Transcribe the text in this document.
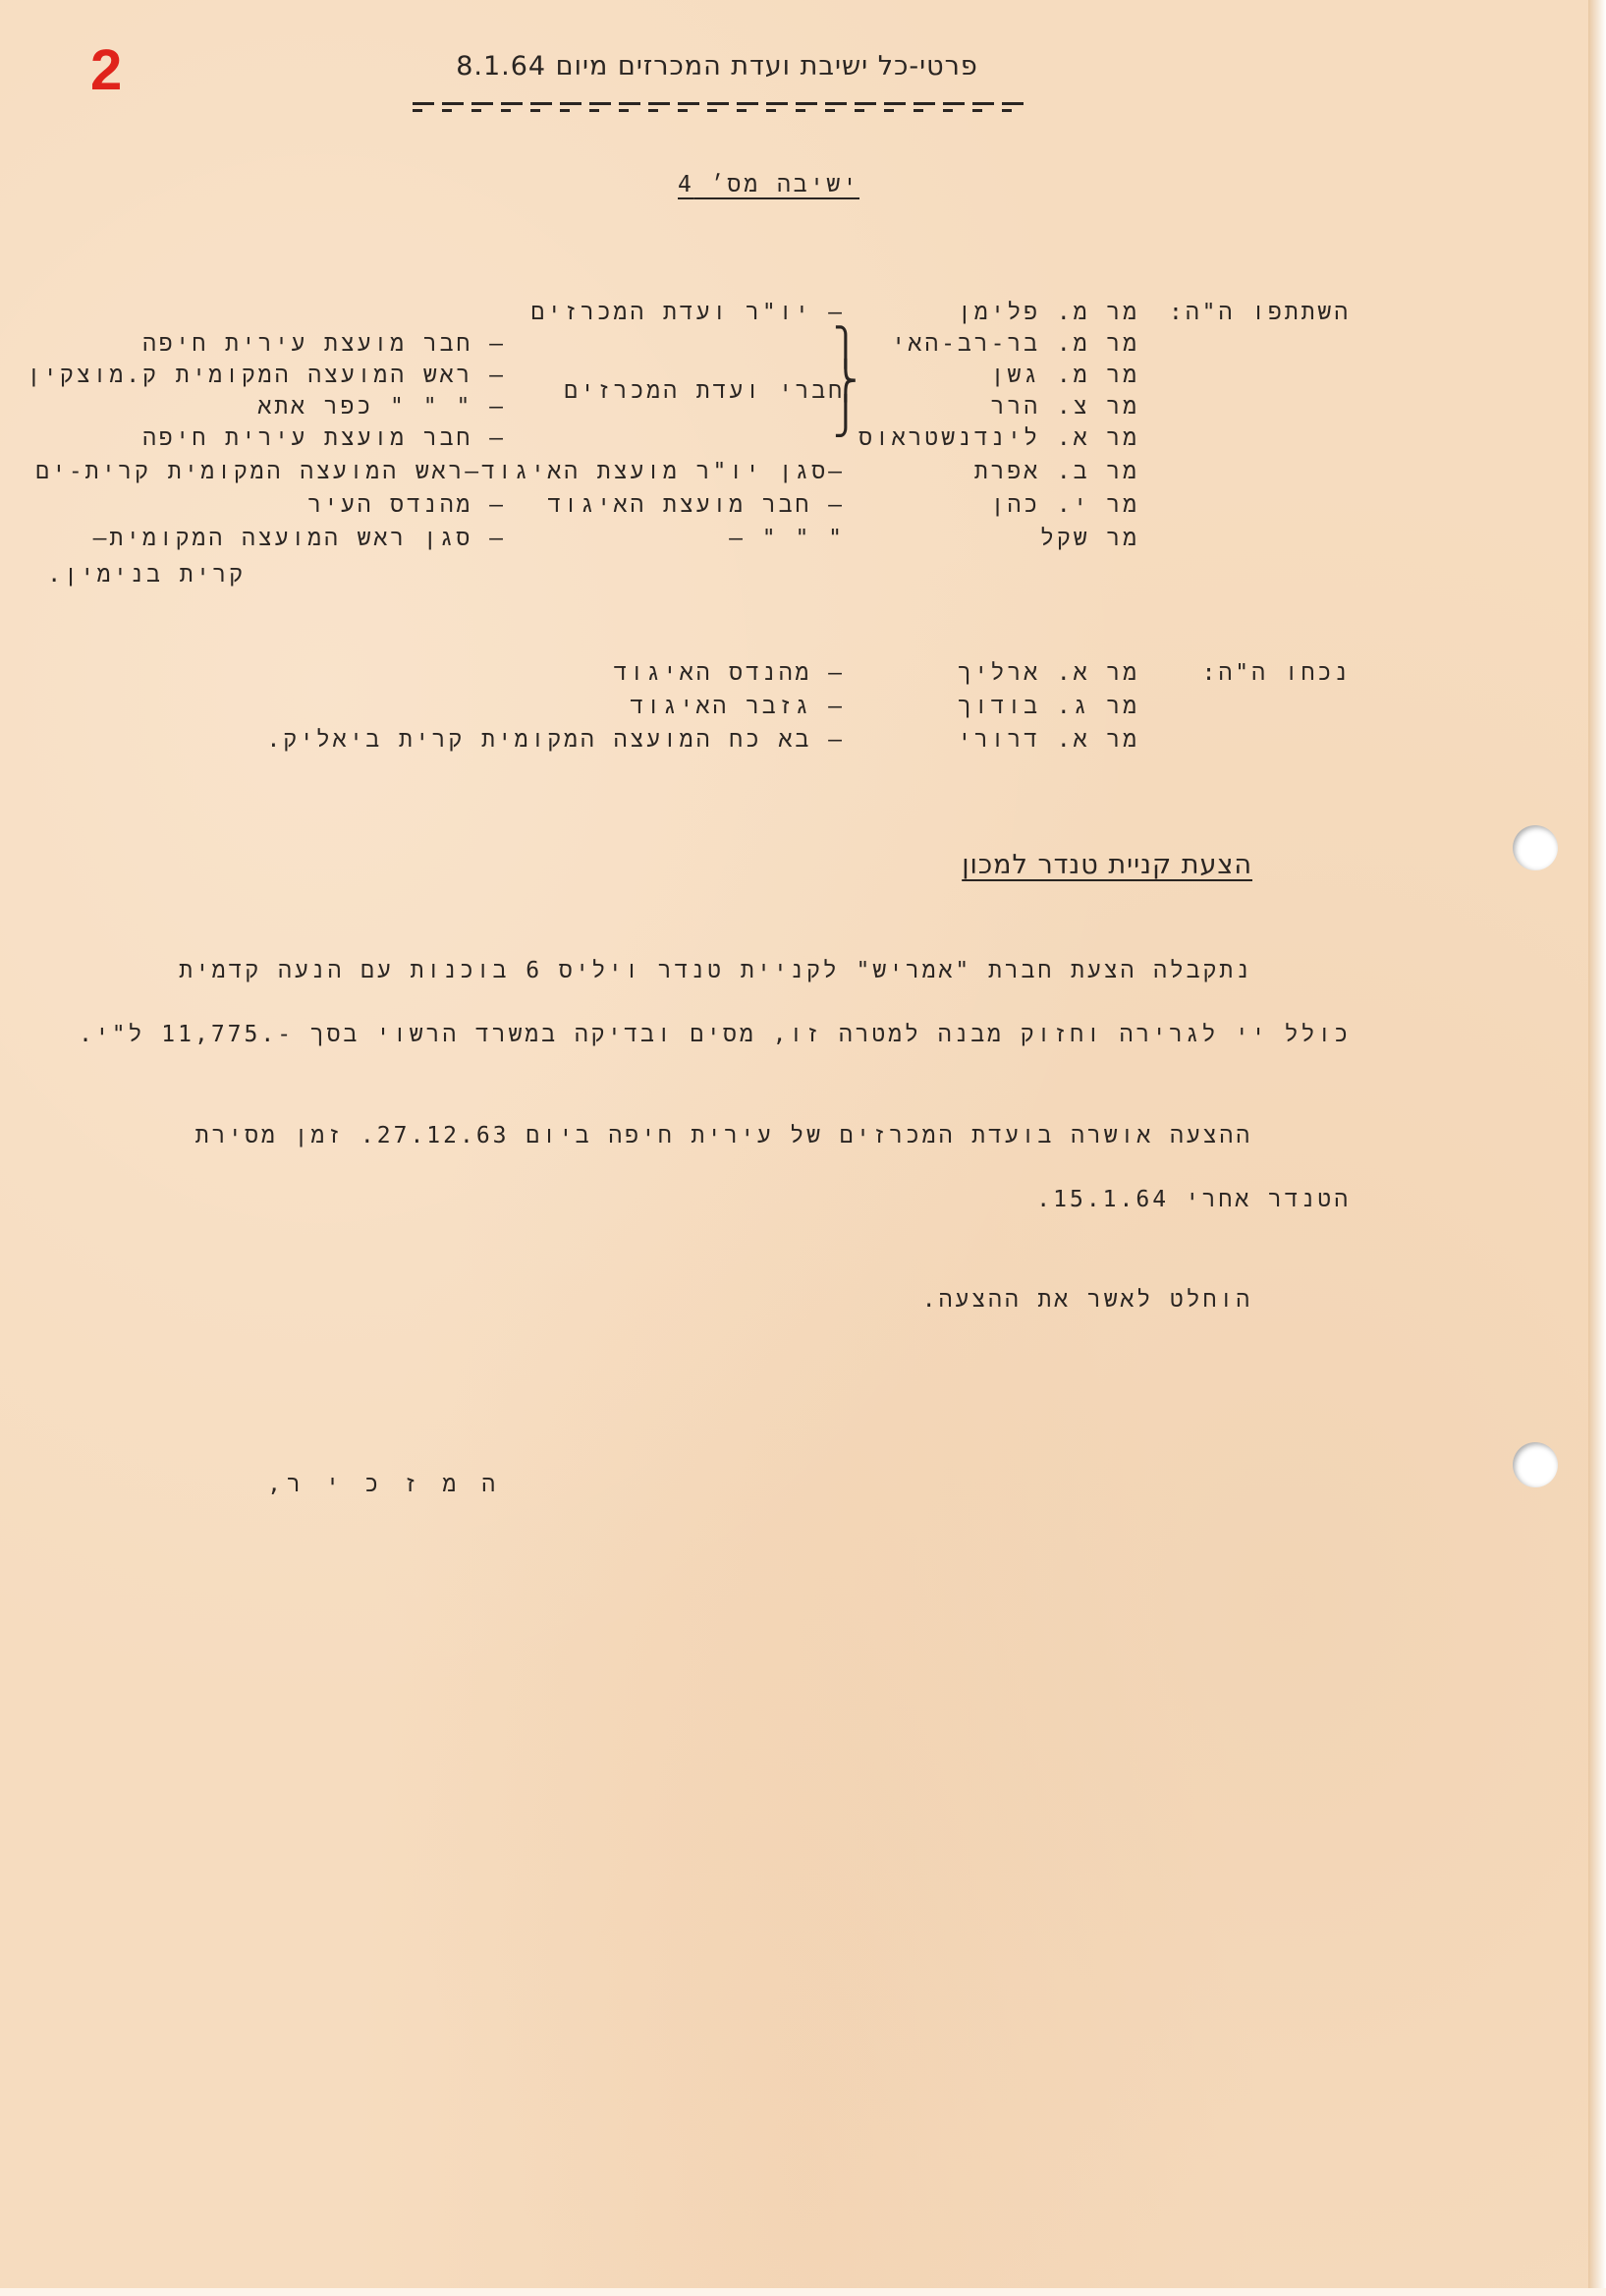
2	פרטי-כל ישיבת ועדת המכרזים מיום 8.1.64
ישיבה מס׳ 4
השתתפו ה"ה:
מר מ. פלימן
– יו"ר ועדת המכרזים
מר מ. בר-רב-האי
– חבר מועצת עירית חיפה
מר מ. גשן
– ראש המועצה המקומית ק.מוצקין
מר צ. הרר
– " " " כפר אתא
מר א. לינדנשטראוס
– חבר מועצת עירית חיפה
מר ב. אפרת
–סגן יו"ר מועצת האיגוד–ראש המועצה המקומית קרית-ים
מר י. כהן
– חבר מועצת האיגוד
– מהנדס העיר
מר שקל
– " " "
– סגן ראש המועצה המקומית–
קרית בנימין.
⎫
⎬
⎭
חברי ועדת המכרזים
נכחו ה"ה:
מר א. ארליך
– מהנדס האיגוד
מר ג. בודוך
– גזבר האיגוד
מר א. דרורי
– בא כח המועצה המקומית קרית ביאליק.
הצעת קניית טנדר למכון
נתקבלה הצעת חברת "אמריש" לקניית טנדר ויליס 6 בוכנות עם הנעה קדמית
כולל יי לגרירה וחזוק מבנה למטרה זו, מסים ובדיקה במשרד הרשוי בסך -.11,775 ל"י.
ההצעה אושרה בועדת המכרזים של עירית חיפה ביום 27.12.63. זמן מסירת
הטנדר אחרי 15.1.64.
הוחלט לאשר את ההצעה.
ה מ ז כ י ר,
